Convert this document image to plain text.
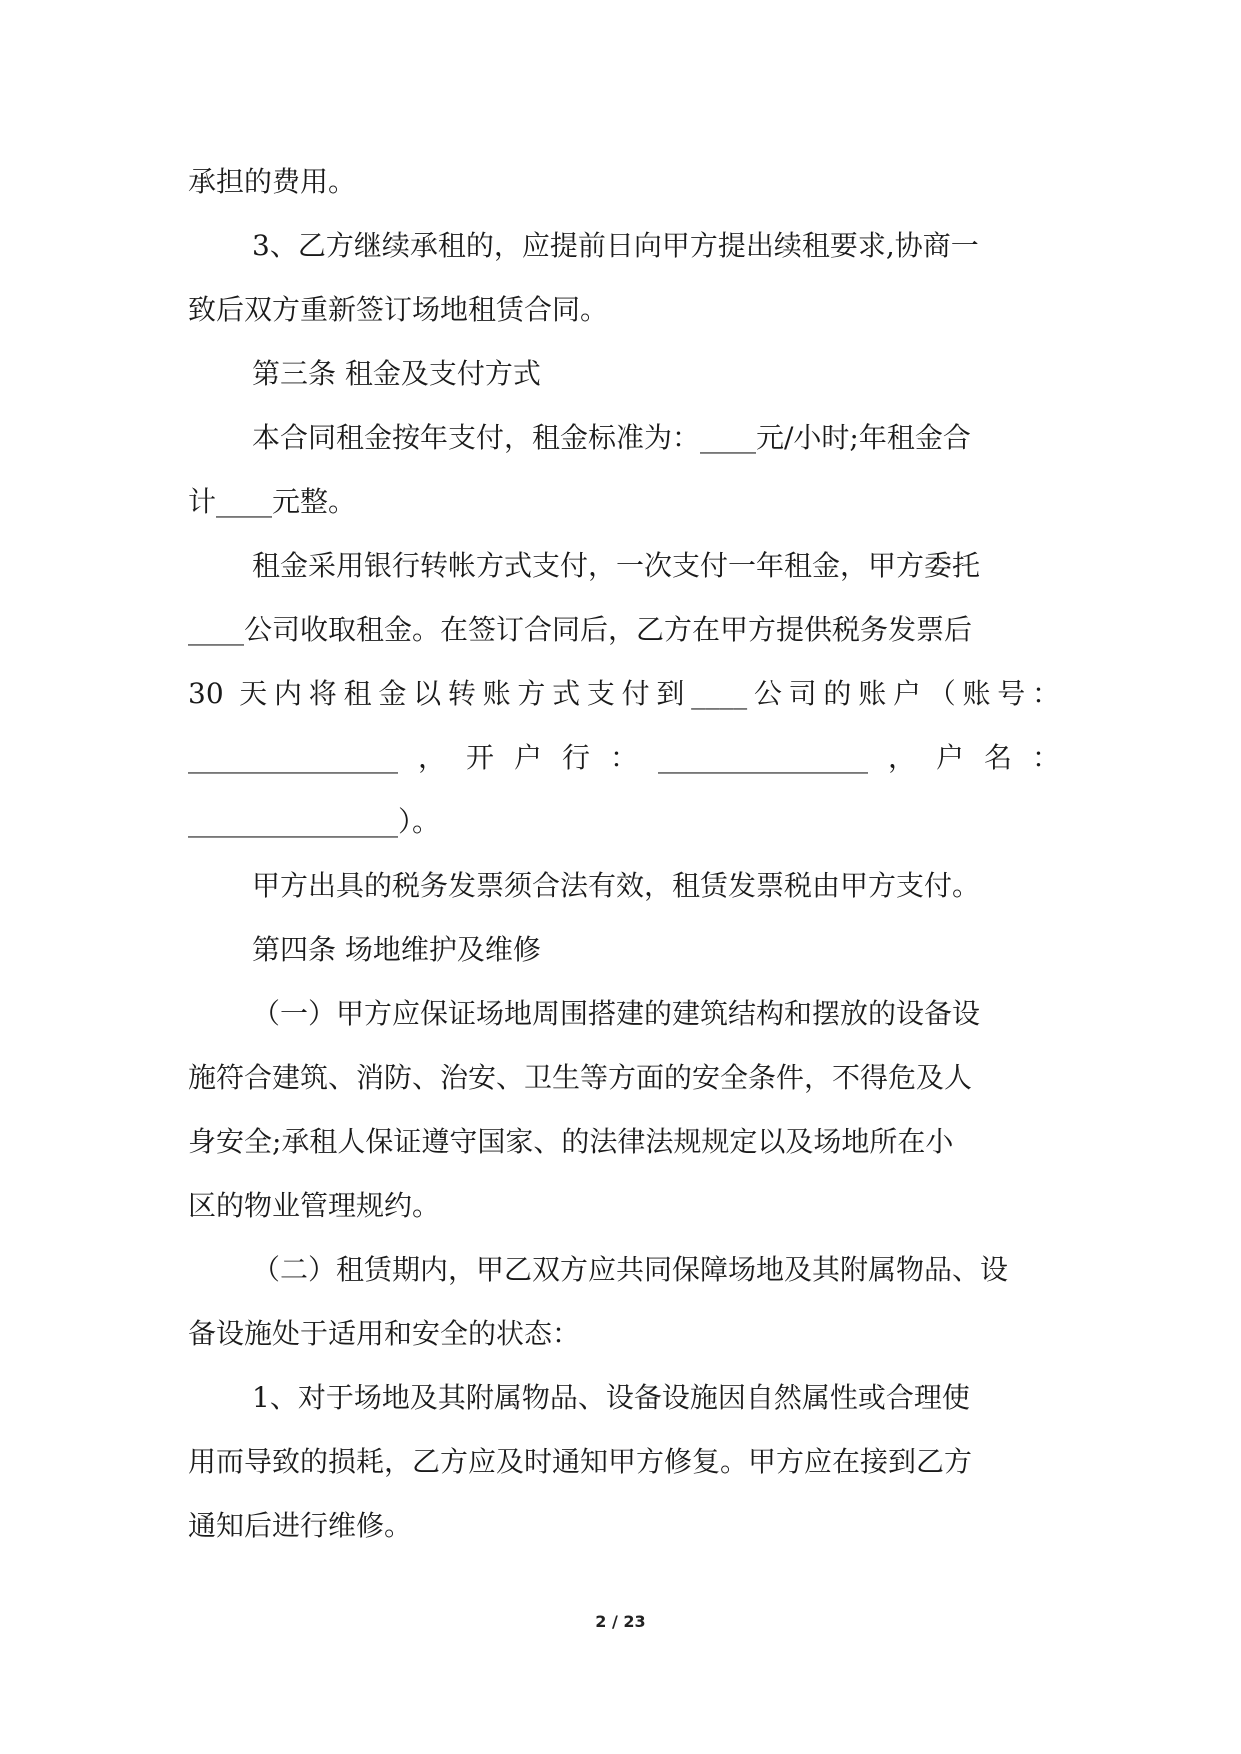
承担的费用。
3、乙方继续承租的，应提前日向甲方提出续租要求,协商一
致后双方重新签订场地租赁合同。
第三条 租金及支付方式
本合同租金按年支付，租金标准为：____元/小时;年租金合
计____元整。
租金采用银行转帐方式支付，一次支付一年租金，甲方委托
____公司收取租金。在签订合同后，乙方在甲方提供税务发票后
30 天内将租金以转账方式支付到____公司的账户（账号：
_______________，开户行：_______________，户名：
_______________）。
甲方出具的税务发票须合法有效，租赁发票税由甲方支付。
第四条 场地维护及维修
（一）甲方应保证场地周围搭建的建筑结构和摆放的设备设
施符合建筑、消防、治安、卫生等方面的安全条件，不得危及人
身安全;承租人保证遵守国家、的法律法规规定以及场地所在小
区的物业管理规约。
（二）租赁期内，甲乙双方应共同保障场地及其附属物品、设
备设施处于适用和安全的状态：
1、对于场地及其附属物品、设备设施因自然属性或合理使
用而导致的损耗，乙方应及时通知甲方修复。甲方应在接到乙方
通知后进行维修。
2 / 23
